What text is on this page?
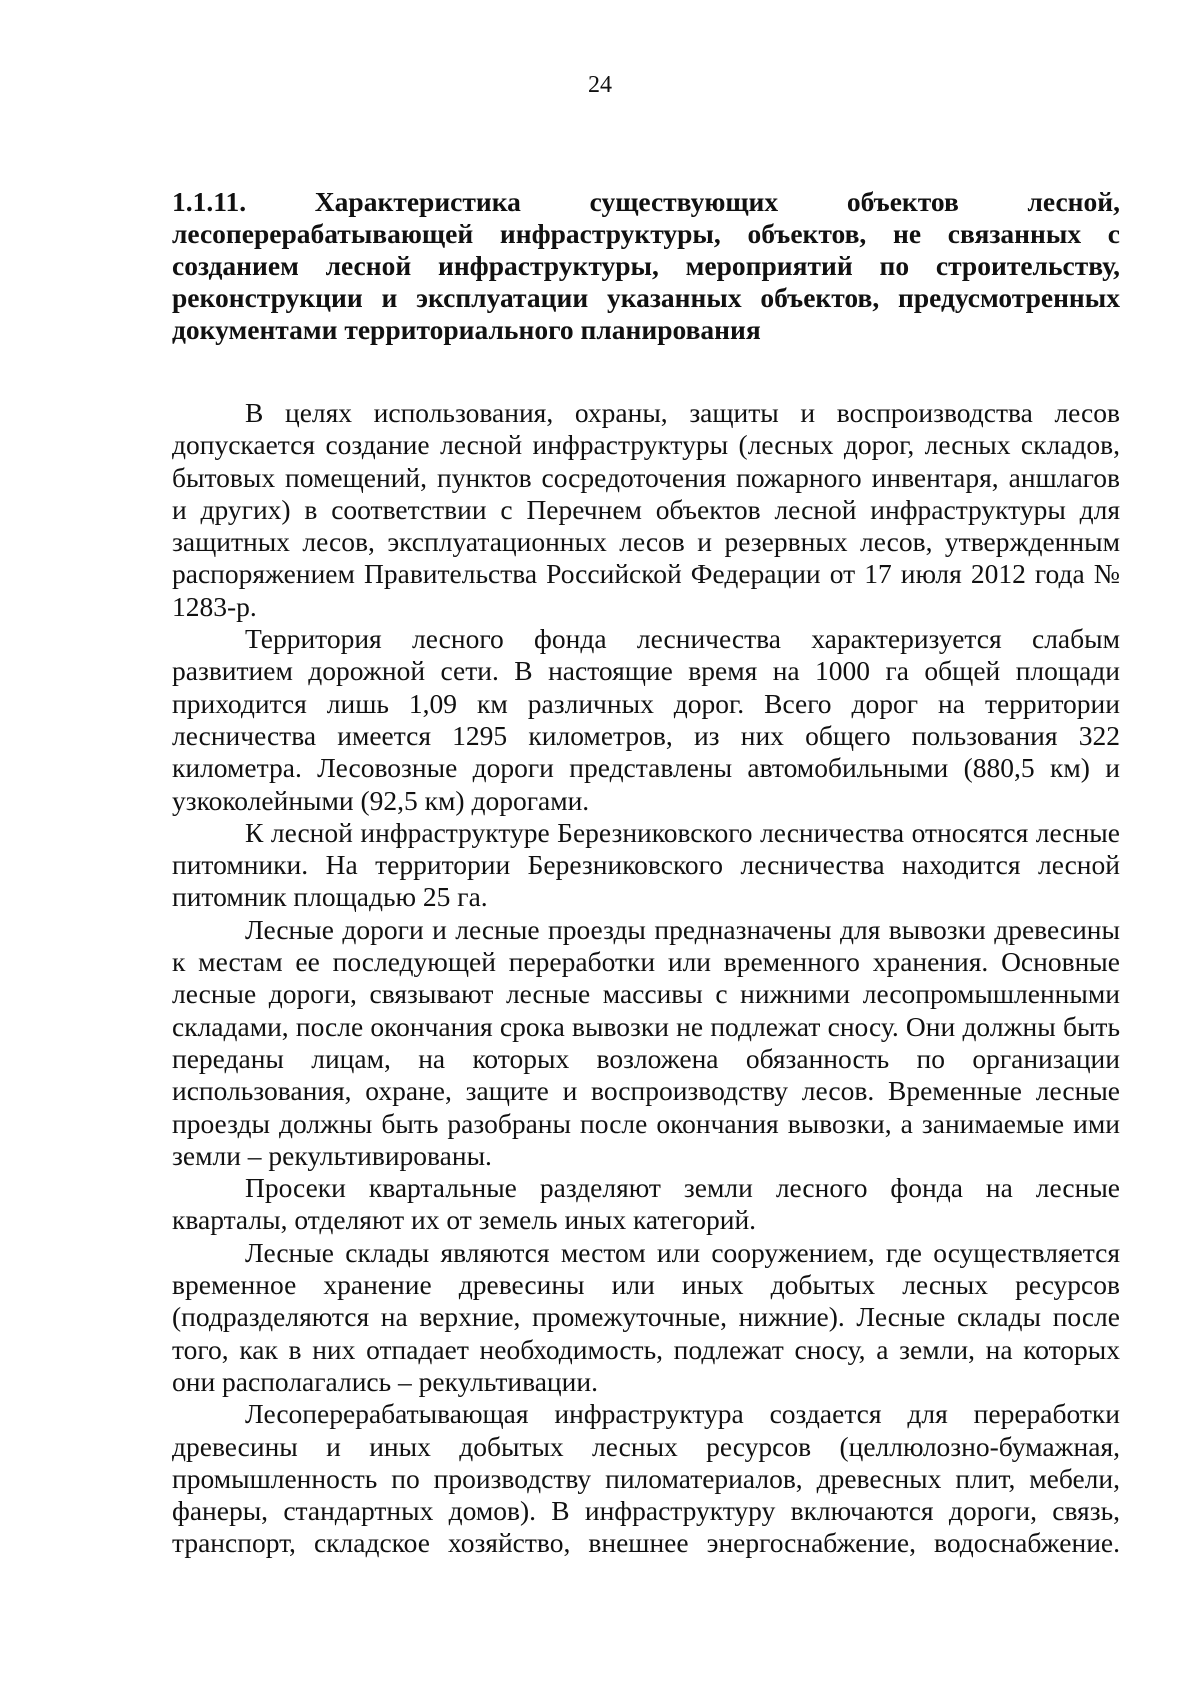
24
1.1.11. Характеристика существующих объектов лесной, лесоперерабатывающей инфраструктуры, объектов, не связанных с созданием лесной инфраструктуры, мероприятий по строительству, реконструкции и эксплуатации указанных объектов, предусмотренных документами территориального планирования

В целях использования, охраны, защиты и воспроизводства лесов допускается создание лесной инфраструктуры (лесных дорог, лесных складов, бытовых помещений, пунктов сосредоточения пожарного инвентаря, аншлагов и других) в соответствии с Перечнем объектов лесной инфраструктуры для защитных лесов, эксплуатационных лесов и резервных лесов, утвержденным распоряжением Правительства Российской Федерации от 17 июля 2012 года № 1283-р.

Территория лесного фонда лесничества характеризуется слабым развитием дорожной сети. В настоящие время на 1000 га общей площади приходится лишь 1,09 км различных дорог. Всего дорог на территории лесничества имеется 1295 километров, из них общего пользования 322 километра. Лесовозные дороги представлены автомобильными (880,5 км) и узкоколейными (92,5 км) дорогами.

К лесной инфраструктуре Березниковского лесничества относятся лесные питомники. На территории Березниковского лесничества находится лесной питомник площадью 25 га.

Лесные дороги и лесные проезды предназначены для вывозки древесины к местам ее последующей переработки или временного хранения. Основные лесные дороги, связывают лесные массивы с нижними лесопромышленными складами, после окончания срока вывозки не подлежат сносу. Они должны быть переданы лицам, на которых возложена обязанность по организации использования, охране, защите и воспроизводству лесов. Временные лесные проезды должны быть разобраны после окончания вывозки, а занимаемые ими земли – рекультивированы.

Просеки квартальные разделяют земли лесного фонда на лесные кварталы, отделяют их от земель иных категорий.

Лесные склады являются местом или сооружением, где осуществляется временное хранение древесины или иных добытых лесных ресурсов (подразделяются на верхние, промежуточные, нижние). Лесные склады после того, как в них отпадает необходимость, подлежат сносу, а земли, на которых они располагались – рекультивации.

Лесоперерабатывающая инфраструктура создается для переработки древесины и иных добытых лесных ресурсов (целлюлозно-бумажная, промышленность по производству пиломатериалов, древесных плит, мебели, фанеры, стандартных домов). В инфраструктуру включаются дороги, связь, транспорт, складское хозяйство, внешнее энергоснабжение, водоснабжение.
